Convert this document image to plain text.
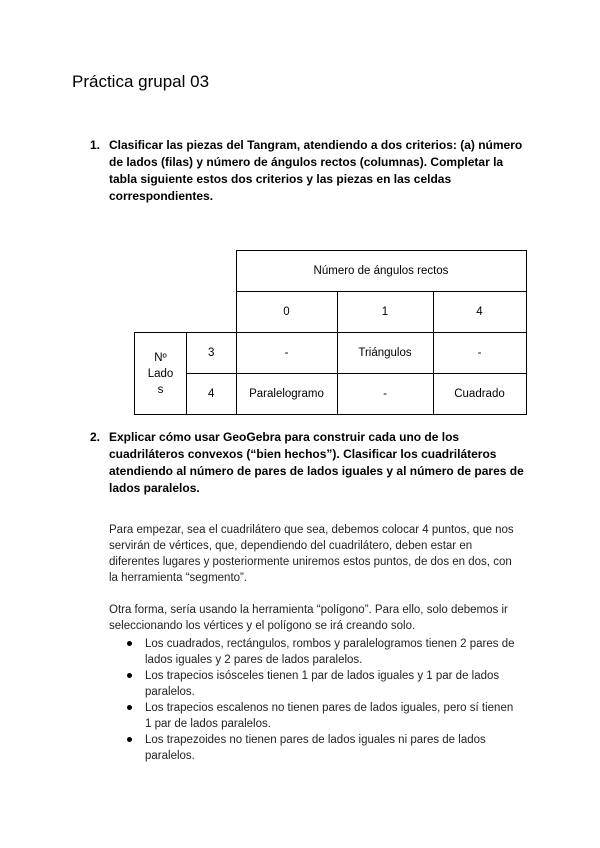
Práctica grupal 03
1. Clasificar las piezas del Tangram, atendiendo a dos criterios: (a) número de lados (filas) y número de ángulos rectos (columnas). Completar la tabla siguiente estos dos criterios y las piezas en las celdas correspondientes.
		Número de ángulos rectos		
		0	1	4

Nº
Lado
s	3	-	Triángulos	-
	4	Paralelogramo	-	Cuadrado
2. Explicar cómo usar GeoGebra para construir cada uno de los cuadriláteros convexos (“bien hechos”). Clasificar los cuadriláteros atendiendo al número de pares de lados iguales y al número de pares de lados paralelos.

Para empezar, sea el cuadrilátero que sea, debemos colocar 4 puntos, que nos servirán de vértices, que, dependiendo del cuadrilátero, deben estar en diferentes lugares y posteriormente uniremos estos puntos, de dos en dos, con la herramienta “segmento”.

Otra forma, sería usando la herramienta “polígono”. Para ello, solo debemos ir seleccionando los vértices y el polígono se irá creando solo.

Los cuadrados, rectángulos, rombos y paralelogramos tienen 2 pares de lados iguales y 2 pares de lados paralelos.
Los trapecios isósceles tienen 1 par de lados iguales y 1 par de lados paralelos.
Los trapecios escalenos no tienen pares de lados iguales, pero sí tienen 1 par de lados paralelos.
Los trapezoides no tienen pares de lados iguales ni pares de lados paralelos.
